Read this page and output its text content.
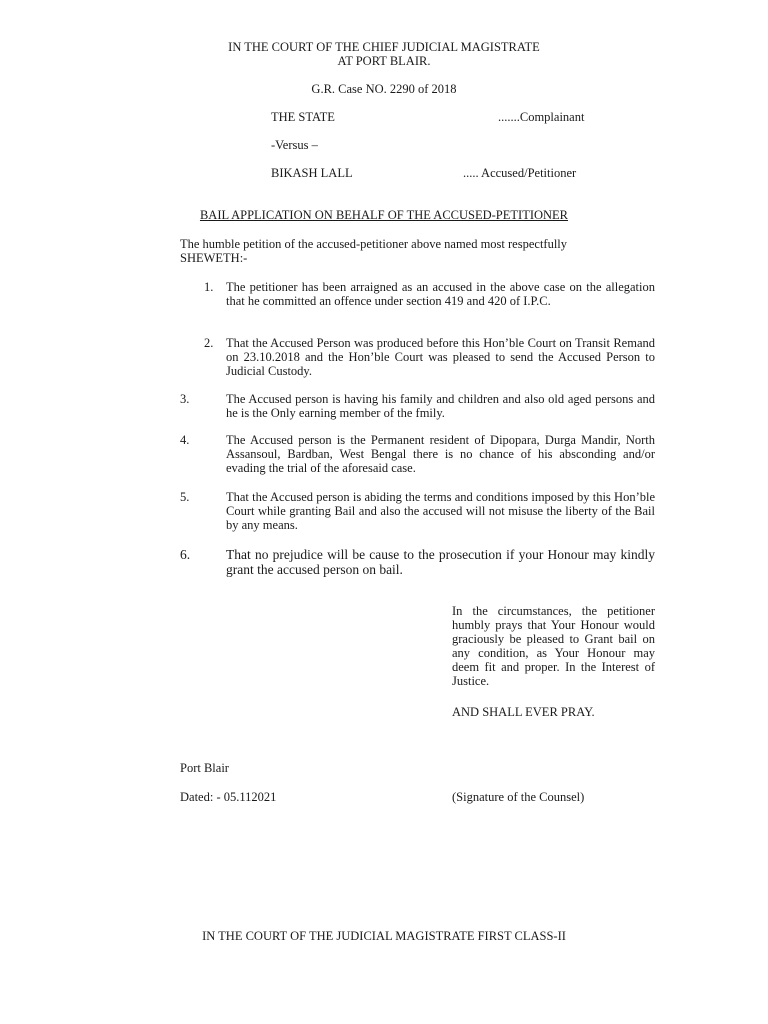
IN THE COURT OF THE CHIEF JUDICIAL MAGISTRATE
AT PORT BLAIR.
G.R. Case NO. 2290 of 2018
THE STATE	.......Complainant
-Versus –
BIKASH LALL	..... Accused/Petitioner
BAIL APPLICATION ON BEHALF OF THE ACCUSED-PETITIONER
The humble petition of the accused-petitioner above named most respectfully
SHEWETH:-
1. The petitioner has been arraigned as an accused in the above case on the allegation that he committed an offence under section 419 and 420 of I.P.C.
2. That the Accused Person was produced before this Hon’ble Court on Transit Remand on 23.10.2018 and the Hon’ble Court was pleased to send the Accused Person to Judicial Custody.
3.	The Accused person is having his family and children and also old aged persons and he is the Only earning member of the fmily.
4.	The Accused person is the Permanent resident of Dipopara, Durga Mandir, North Assansoul, Bardban, West Bengal there is no chance of his absconding and/or evading the trial of the aforesaid case.
5.	That the Accused person is abiding the terms and conditions imposed by this Hon’ble Court while granting Bail and also the accused will not misuse the liberty of the Bail by any means.
6.	That no prejudice will be cause to the prosecution if your Honour may kindly grant the accused person on bail.
In the circumstances, the petitioner humbly prays that Your Honour would graciously be pleased to Grant bail on any condition, as Your Honour may deem fit and proper. In the Interest of Justice.
AND SHALL EVER PRAY.
Port Blair
Dated: - 05.112021	(Signature of the Counsel)
IN THE COURT OF THE JUDICIAL MAGISTRATE FIRST CLASS-II
